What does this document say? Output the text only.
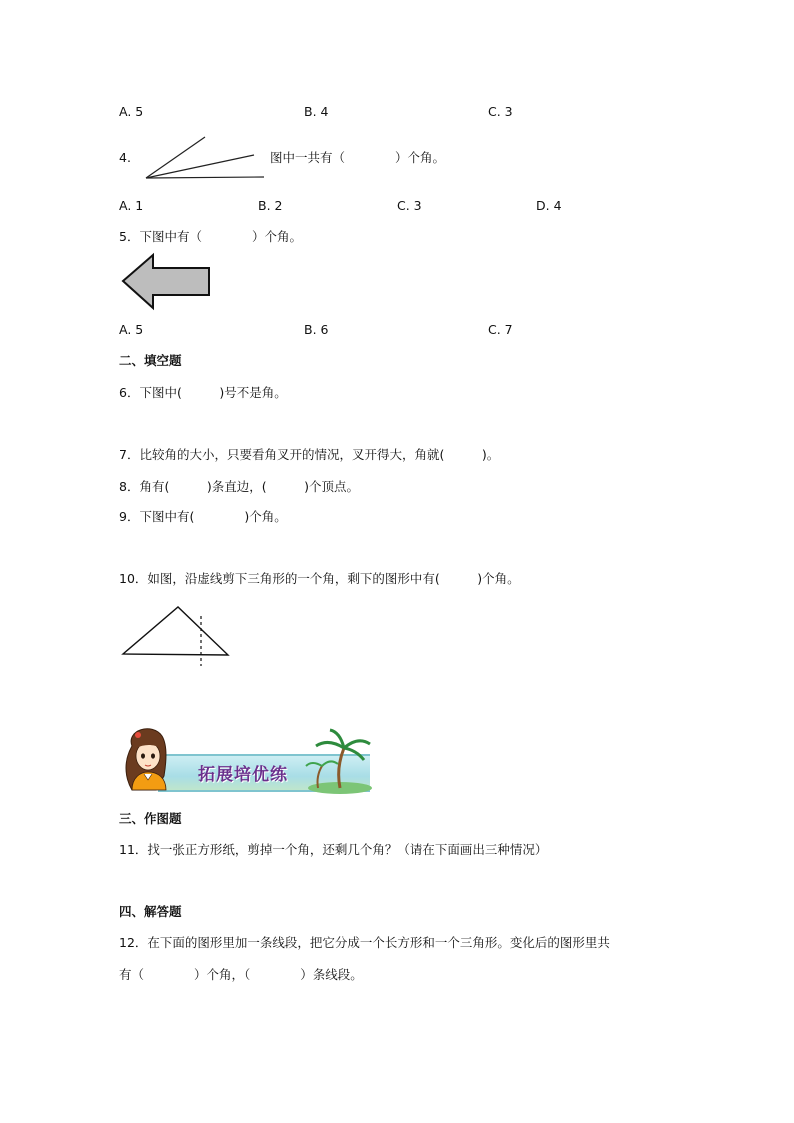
A. 5	B. 4	C. 3
4.	图中一共有（　　　　）个角。
A. 1	B. 2	C. 3	D. 4
5．下图中有（　　　　）个角。
A. 5	B. 6	C. 7
二、填空题
6．下图中(　　　)号不是角。
7．比较角的大小，只要看角叉开的情况，叉开得大，角就(　　　)。
8．角有(　　　)条直边，(　　　)个顶点。
9．下图中有(　　　　)个角。
10．如图，沿虚线剪下三角形的一个角，剩下的图形中有(　　　)个角。
拓展培优练
三、作图题
11．找一张正方形纸，剪掉一个角，还剩几个角？（请在下面画出三种情况）
四、解答题
12．在下面的图形里加一条线段，把它分成一个长方形和一个三角形。变化后的图形里共
有（　　　　）个角，（　　　　）条线段。
